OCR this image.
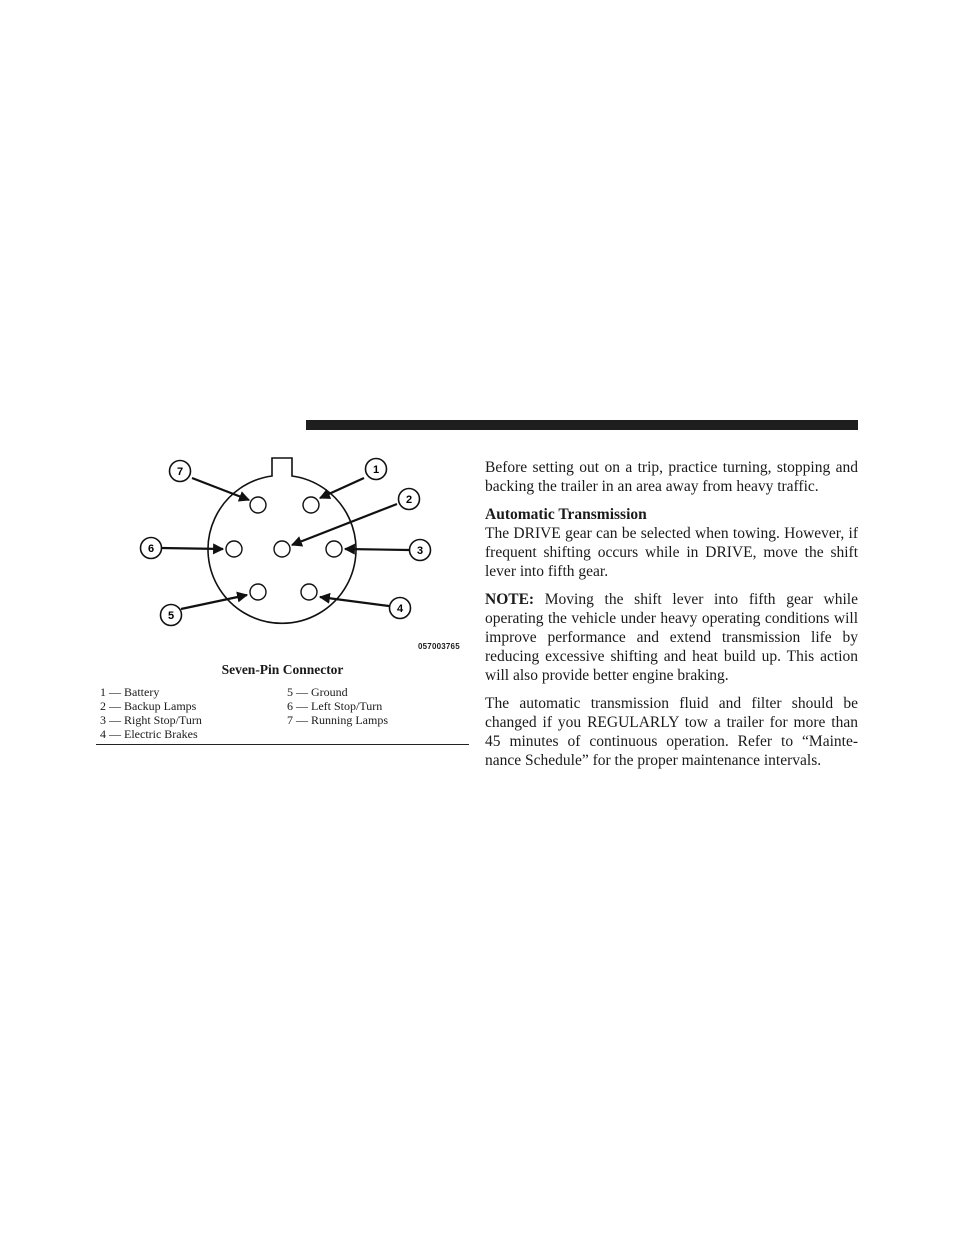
7	1
2
6	3
5
4
057003765
Seven-Pin Connector
1 — Battery
2 — Backup Lamps
3 — Right Stop/Turn
4 — Electric Brakes
5 — Ground
6 — Left Stop/Turn
7 — Running Lamps

Before setting out on a trip, practice turning, stopping and backing the trailer in an area away from heavy traffic.

Automatic Transmission

The DRIVE gear can be selected when towing. However, if frequent shifting occurs while in DRIVE, move the shift lever into fifth gear.

NOTE: Moving the shift lever into fifth gear while operating the vehicle under heavy operating conditions will improve performance and extend transmission life by reducing excessive shifting and heat build up. This action will also provide better engine braking.

The automatic transmission fluid and filter should be changed if you REGULARLY tow a trailer for more than 45 minutes of continuous operation. Refer to “Mainte-nance Schedule” for the proper maintenance intervals.
